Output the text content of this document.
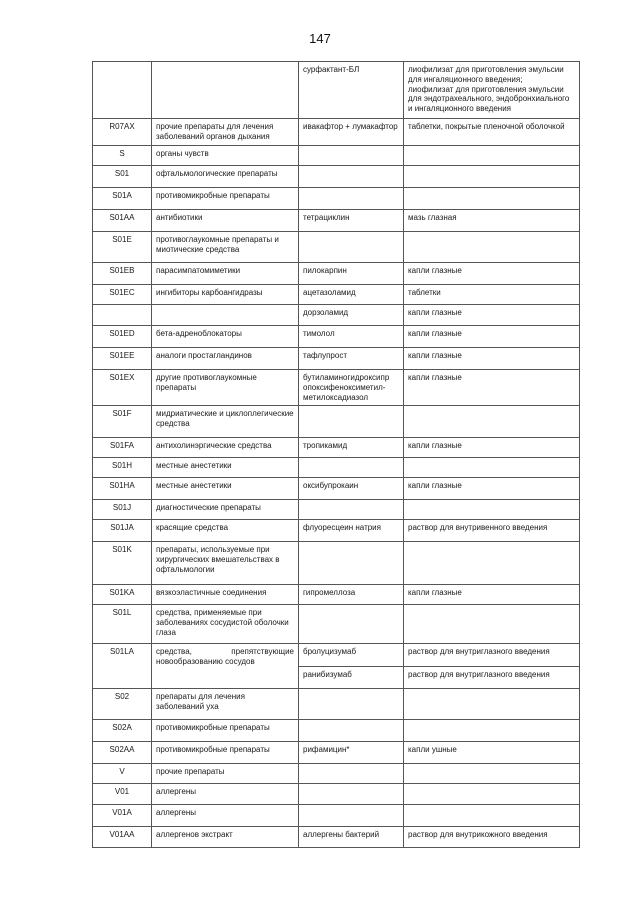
147
		сурфактант-БЛ	лиофилизат для приготовления эмульсии для ингаляционного введения;
лиофилизат для приготовления эмульсии для эндотрахеального, эндобронхиального и ингаляционного введения
R07AX	прочие препараты для лечения заболеваний органов дыхания	ивакафтор + лумакафтор	таблетки, покрытые пленочной оболочкой
S	органы чувств		
S01	офтальмологические препараты		
S01A	противомикробные препараты		
S01AA	антибиотики	тетрациклин	мазь глазная
S01E	противоглаукомные препараты и миотические средства		
S01EB	парасимпатомиметики	пилокарпин	капли глазные
S01EC	ингибиторы карбоангидразы	ацетазоламид	таблетки
		дорзоламид	капли глазные
S01ED	бета-адреноблокаторы	тимолол	капли глазные
S01EE	аналоги простагландинов	тафлупрост	капли глазные
S01EX	другие противоглаукомные препараты	бутиламиногидроксипр опоксифеноксиметил-метилоксадиазол	капли глазные
S01F	мидриатические и циклоплегические средства		
S01FA	антихолинэргические средства	тропикамид	капли глазные
S01H	местные анестетики		
S01HA	местные анестетики	оксибупрокаин	капли глазные
S01J	диагностические препараты		
S01JA	красящие средства	флуоресцеин натрия	раствор для внутривенного введения
S01K	препараты, используемые при хирургических вмешательствах в офтальмологии		
S01KA	вязкоэластичные соединения	гипромеллоза	капли глазные
S01L	средства, применяемые при заболеваниях сосудистой оболочки глаза		
S01LA	средства, препятствующие новообразованию сосудов	бролуцизумаб	раствор для внутриглазного введения
		ранибизумаб	раствор для внутриглазного введения
S02	препараты для лечения заболеваний уха		
S02A	противомикробные препараты		
S02AA	противомикробные препараты	рифамицин*	капли ушные
V	прочие препараты		
V01	аллергены		
V01A	аллергены		
V01AA	аллергенов экстракт	аллергены бактерий	раствор для внутрикожного введения
